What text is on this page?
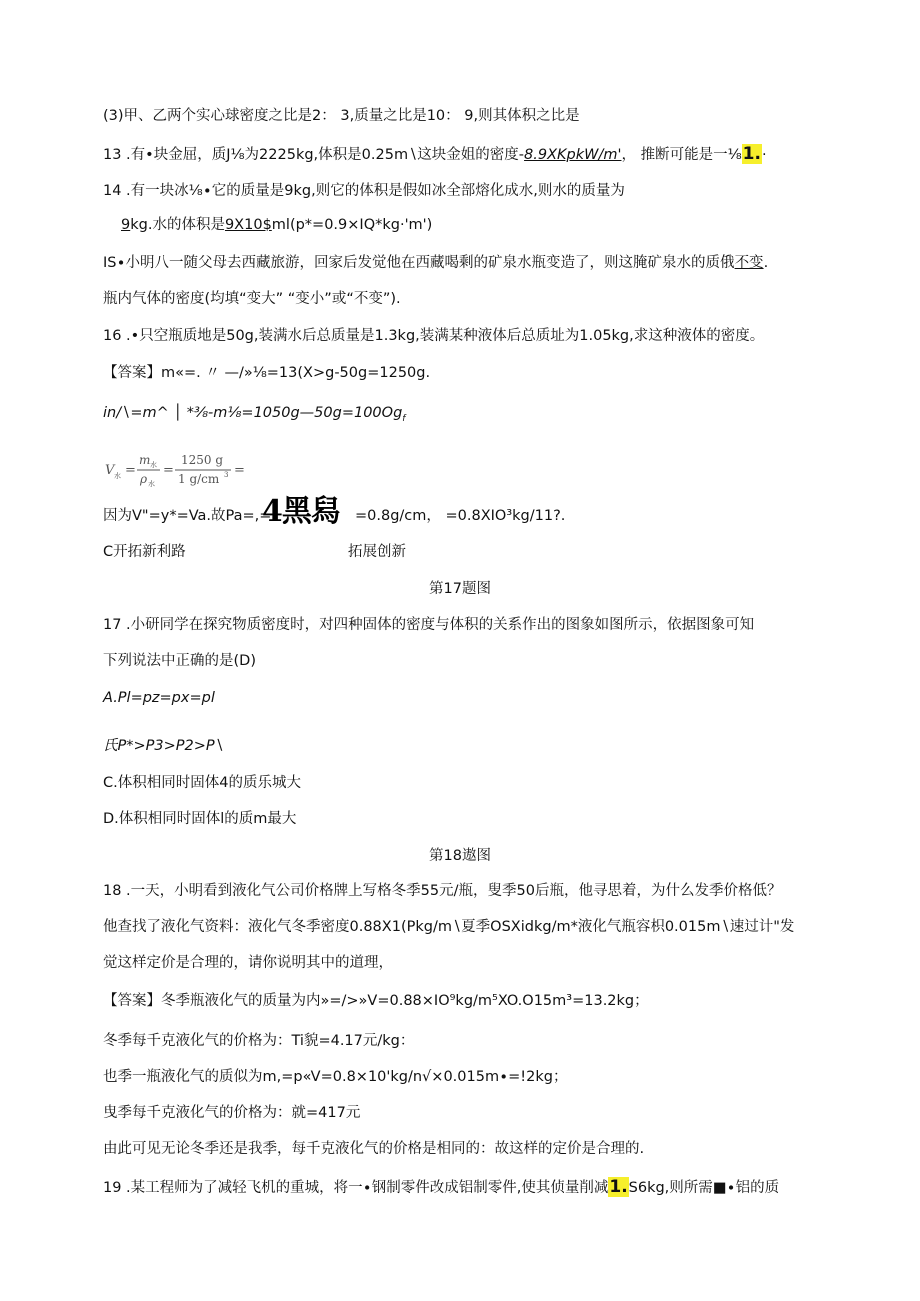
(3)甲、乙两个实心球密度之比是2： 3,质量之比是10： 9,则其体积之比是
13 .有•块金屈，质J⅛为2225kg,体积是0.25m∖这块金姐的密度-8.9XKpkW∕m'， 推断可能是一⅛1.·
14 .有一块冰⅛∙它的质量是9kg,则它的体积是假如冰全部熔化成水,则水的质量为
9kg.水的体积是9X10$ml(p*=0.9×IQ*kg·'m')
IS∙小明八一随父母去西藏旅游，回家后发觉他在西藏喝剩的矿泉水瓶变造了，则这腌矿泉水的质俄不变.
瓶内气体的密度(均填“变大” “变小”或“不变”).
16 .•只空瓶质地是50g,装满水后总质量是1.3kg,装满某种液体后总质址为1.05kg,求这种液体的密度。
【答案】m«=. 〃 —/»⅛=13(X>g-50g=1250g.
in∕∖=m^ │ $*\frac{3}{8}-m\frac{1}{8}=1050g—50g=100Og_f$
V 水 =
m 水
ρ 水
=
1250 g
1 g/cm 3 =
因为V"=y*=Va.故Pa=,=
4黑舄 =0.8g/cm， =0.8XIO³kg∕11?.
C开拓新利路	拓展创新
第17题图
17 .小研同学在探究物质密度时，对四种固体的密度与体积的关系作出的图象如图所示，依据图象可知
下列说法中正确的是(D)
A.Pl=pz=px=pl
氏P*>P3>P2>P∖
C.体积相同时固体4的质乐城大
D.体积相同时固体l的质m最大
第18遨图
18 .一天，小明看到液化气公司价格牌上写格冬季55元/瓶，叟季50后瓶，他寻思着，为什么发季价格低？
他查找了液化气资料：液化气冬季密度0.88X1(Pkg∕m∖夏季OSXidkg/m*液化气瓶容枳0.015m∖速过计"发
觉这样定价是合理的，请你说明其中的道理，
【答案】冬季瓶液化气的质量为内»=/>»V=0.88×IO⁹kg/m⁵XO.O15m³=13.2kg；
冬季每千克液化气的价格为：Ti貌=4.17元/kg：
也季一瓶液化气的质似为m,=p«V=0.8×10'kg∕n√×0.015m∙=!2kg；
曳季每千克液化气的价格为：就=417元
由此可见无论冬季还是我季，每千克液化气的价格是相同的：故这样的定价是合理的.
19 .某工程师为了减轻飞机的重城，将一∙钢制零件改成铝制零件,使其侦量削减1.S6kg,则所需■∙铝的质
